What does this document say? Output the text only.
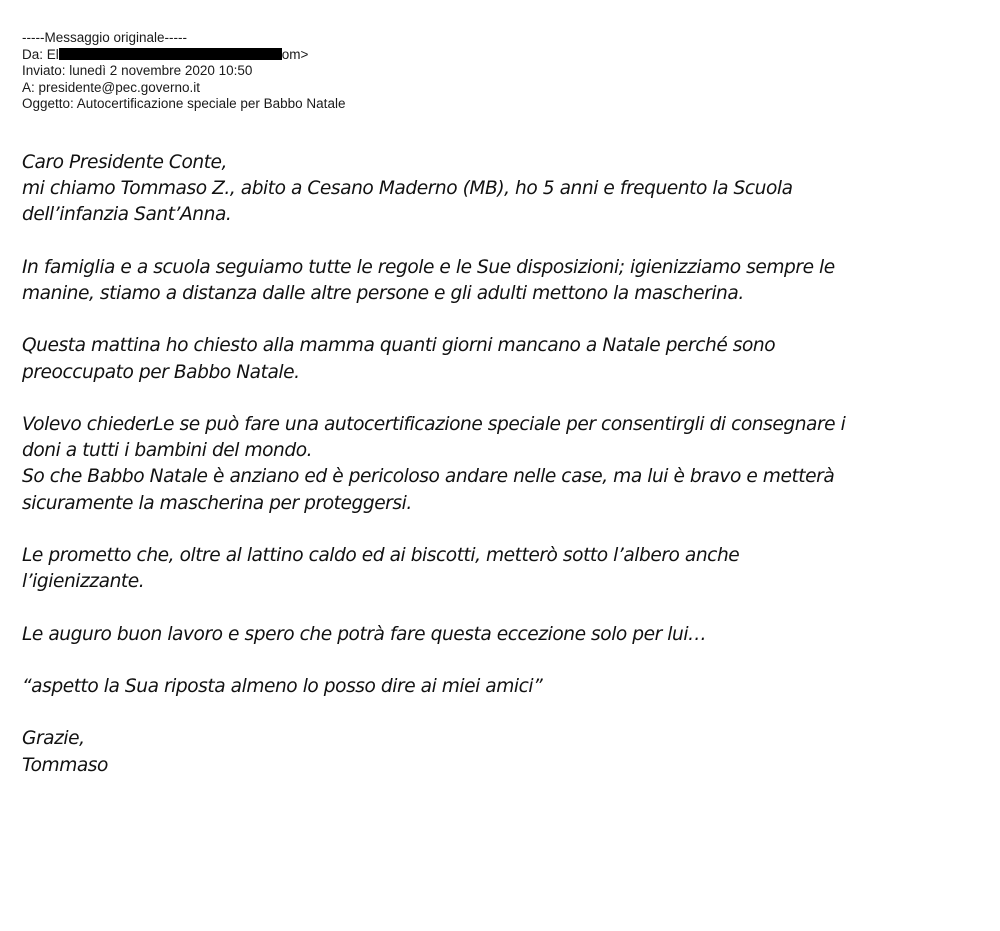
-----Messaggio originale-----
Da: El	om>
Inviato: lunedì 2 novembre 2020 10:50
A: presidente@pec.governo.it
Oggetto: Autocertificazione speciale per Babbo Natale
Caro Presidente Conte,
mi chiamo Tommaso Z., abito a Cesano Maderno (MB), ho 5 anni e frequento la Scuola
dell’infanzia Sant’Anna.
In famiglia e a scuola seguiamo tutte le regole e le Sue disposizioni; igienizziamo sempre le
manine, stiamo a distanza dalle altre persone e gli adulti mettono la mascherina.
Questa mattina ho chiesto alla mamma quanti giorni mancano a Natale perché sono
preoccupato per Babbo Natale.
Volevo chiederLe se può fare una autocertificazione speciale per consentirgli di consegnare i
doni a tutti i bambini del mondo.
So che Babbo Natale è anziano ed è pericoloso andare nelle case, ma lui è bravo e metterà
sicuramente la mascherina per proteggersi.
Le prometto che, oltre al lattino caldo ed ai biscotti, metterò sotto l’albero anche
l’igienizzante.
Le auguro buon lavoro e spero che potrà fare questa eccezione solo per lui…
“aspetto la Sua riposta almeno lo posso dire ai miei amici”
Grazie,
Tommaso
